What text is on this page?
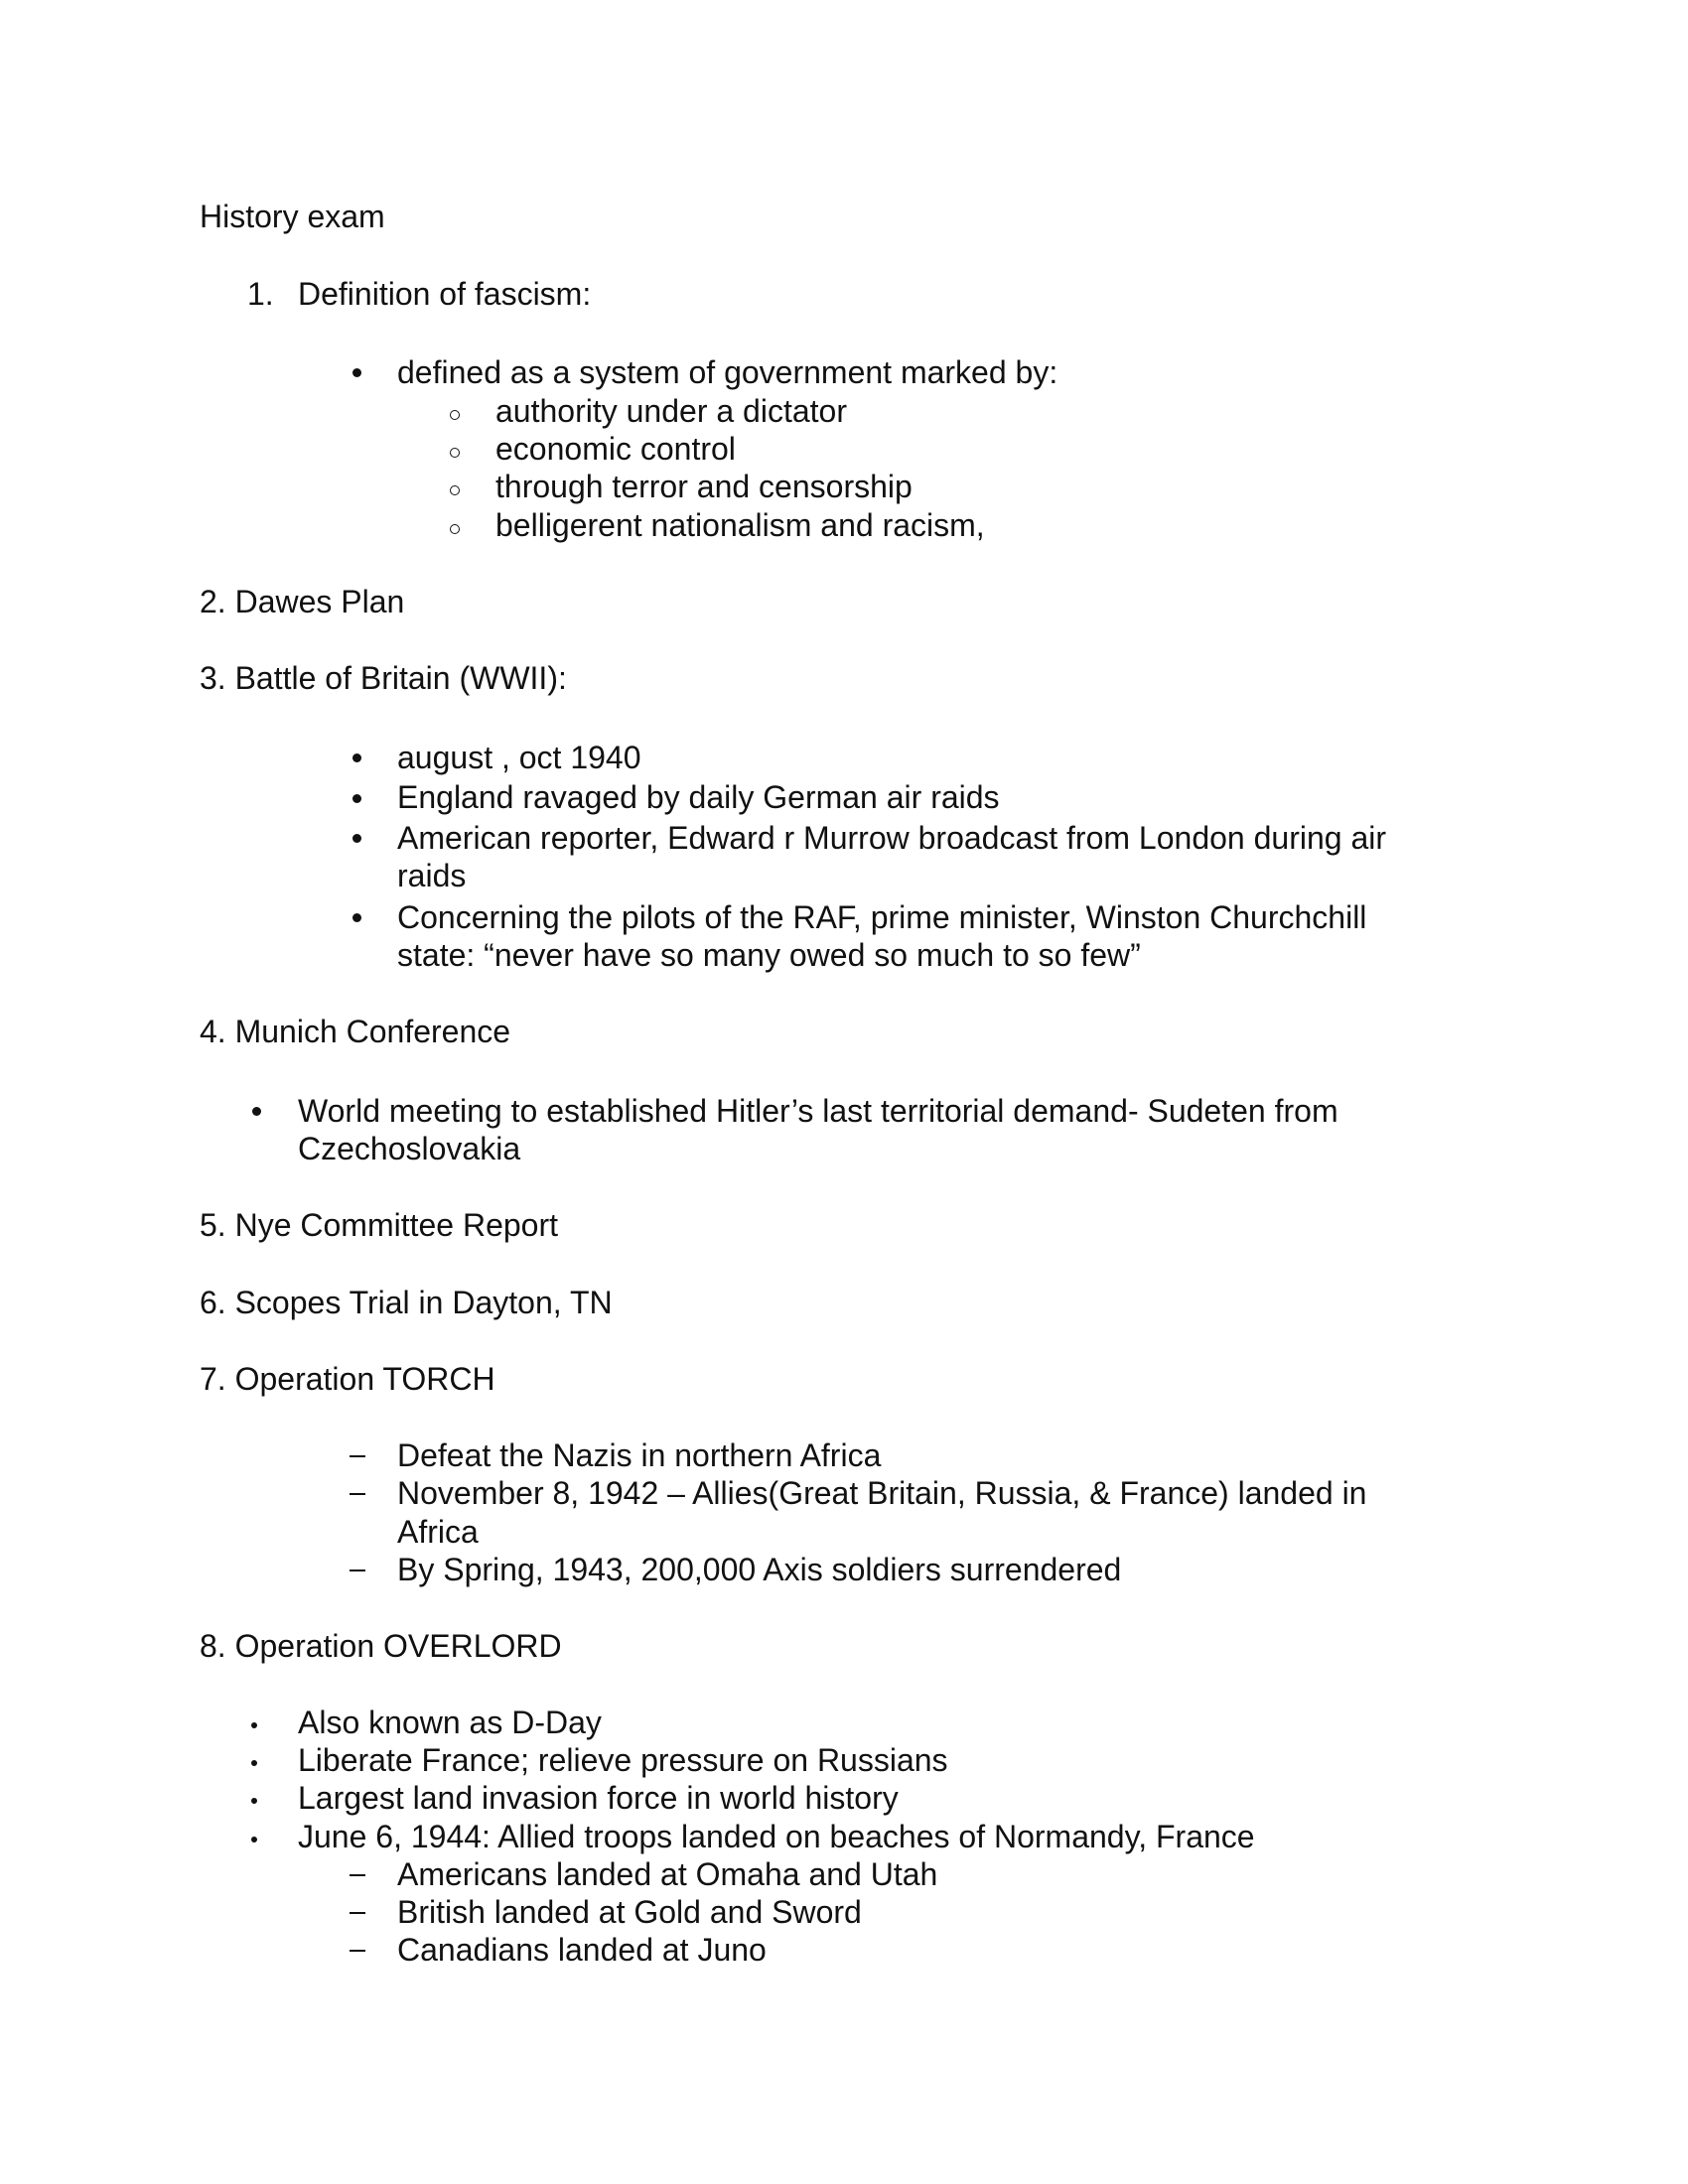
History exam
1. Definition of fascism:
defined as a system of government marked by:
authority under a dictator
economic control
through terror and censorship
belligerent nationalism and racism,
2. Dawes Plan
3. Battle of Britain (WWII):
august , oct 1940
England ravaged by daily German air raids
American reporter, Edward r Murrow broadcast from London during air
raids
Concerning the pilots of the RAF, prime minister, Winston Churchchill
state: “never have so many owed so much to so few”
4. Munich Conference
World meeting to established Hitler’s last territorial demand- Sudeten from
Czechoslovakia
5. Nye Committee Report
6. Scopes Trial in Dayton, TN
7. Operation TORCH
Defeat the Nazis in northern Africa
November 8, 1942 – Allies(Great Britain, Russia, & France) landed in
Africa
By Spring, 1943, 200,000 Axis soldiers surrendered
8. Operation OVERLORD
Also known as D-Day
Liberate France; relieve pressure on Russians
Largest land invasion force in world history
June 6, 1944: Allied troops landed on beaches of Normandy, France
Americans landed at Omaha and Utah
British landed at Gold and Sword
Canadians landed at Juno
